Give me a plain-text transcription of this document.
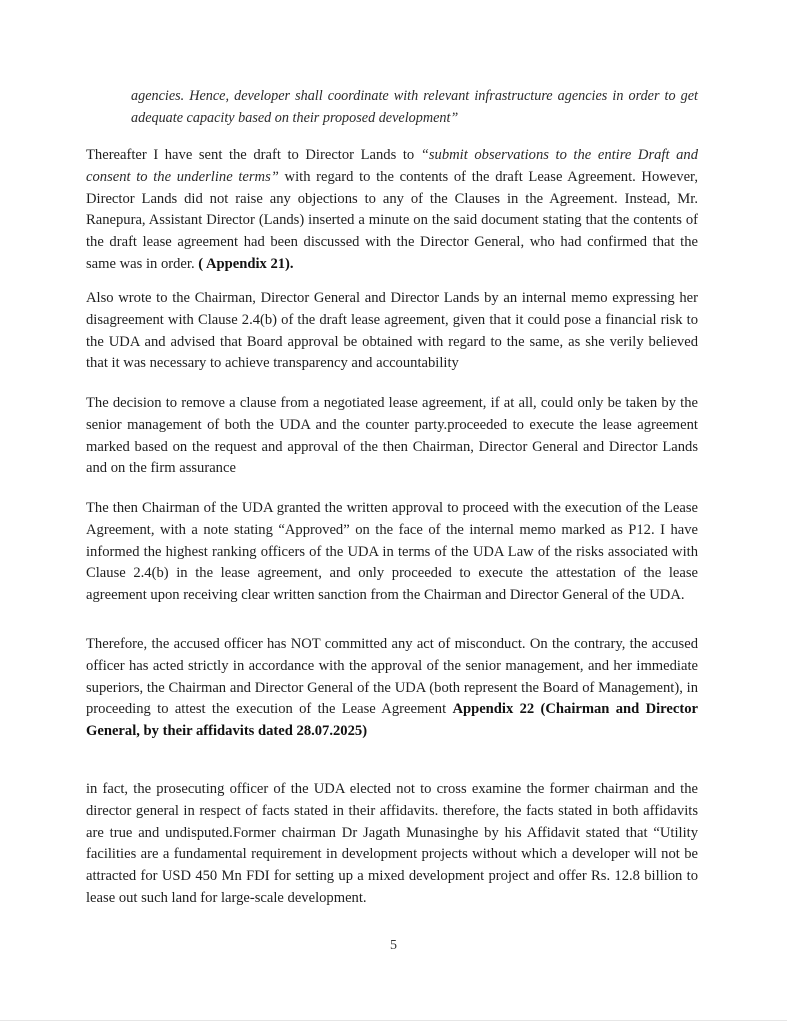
agencies. Hence, developer shall coordinate with relevant infrastructure agencies in order to get adequate capacity based on their proposed development”

Thereafter I have sent the draft to Director Lands to “submit observations to the entire Draft and consent to the underline terms” with regard to the contents of the draft Lease Agreement. However, Director Lands did not raise any objections to any of the Clauses in the Agreement. Instead, Mr. Ranepura, Assistant Director (Lands) inserted a minute on the said document stating that the contents of the draft lease agreement had been discussed with the Director General, who had confirmed that the same was in order. ( Appendix 21).

Also wrote to the Chairman, Director General and Director Lands by an internal memo expressing her disagreement with Clause 2.4(b) of the draft lease agreement, given that it could pose a financial risk to the UDA and advised that Board approval be obtained with regard to the same, as she verily believed that it was necessary to achieve transparency and accountability

The decision to remove a clause from a negotiated lease agreement, if at all, could only be taken by the senior management of both the UDA and the counter party.proceeded to execute the lease agreement marked based on the request and approval of the then Chairman, Director General and Director Lands and on the firm assurance

The then Chairman of the UDA granted the written approval to proceed with the execution of the Lease Agreement, with a note stating “Approved” on the face of the internal memo marked as P12. I have informed the highest ranking officers of the UDA in terms of the UDA Law of the risks associated with Clause 2.4(b) in the lease agreement, and only proceeded to execute the attestation of the lease agreement upon receiving clear written sanction from the Chairman and Director General of the UDA.

Therefore, the accused officer has NOT committed any act of misconduct. On the contrary, the accused officer has acted strictly in accordance with the approval of the senior management, and her immediate superiors, the Chairman and Director General of the UDA (both represent the Board of Management), in proceeding to attest the execution of the Lease Agreement Appendix 22 (Chairman and Director General, by their affidavits dated 28.07.2025)

in fact, the prosecuting officer of the UDA elected not to cross examine the former chairman and the director general in respect of facts stated in their affidavits. therefore, the facts stated in both affidavits are true and undisputed.Former chairman Dr Jagath Munasinghe by his Affidavit stated that “Utility facilities are a fundamental requirement in development projects without which a developer will not be attracted for USD 450 Mn FDI for setting up a mixed development project and offer Rs. 12.8 billion to lease out such land for large-scale development.

5
